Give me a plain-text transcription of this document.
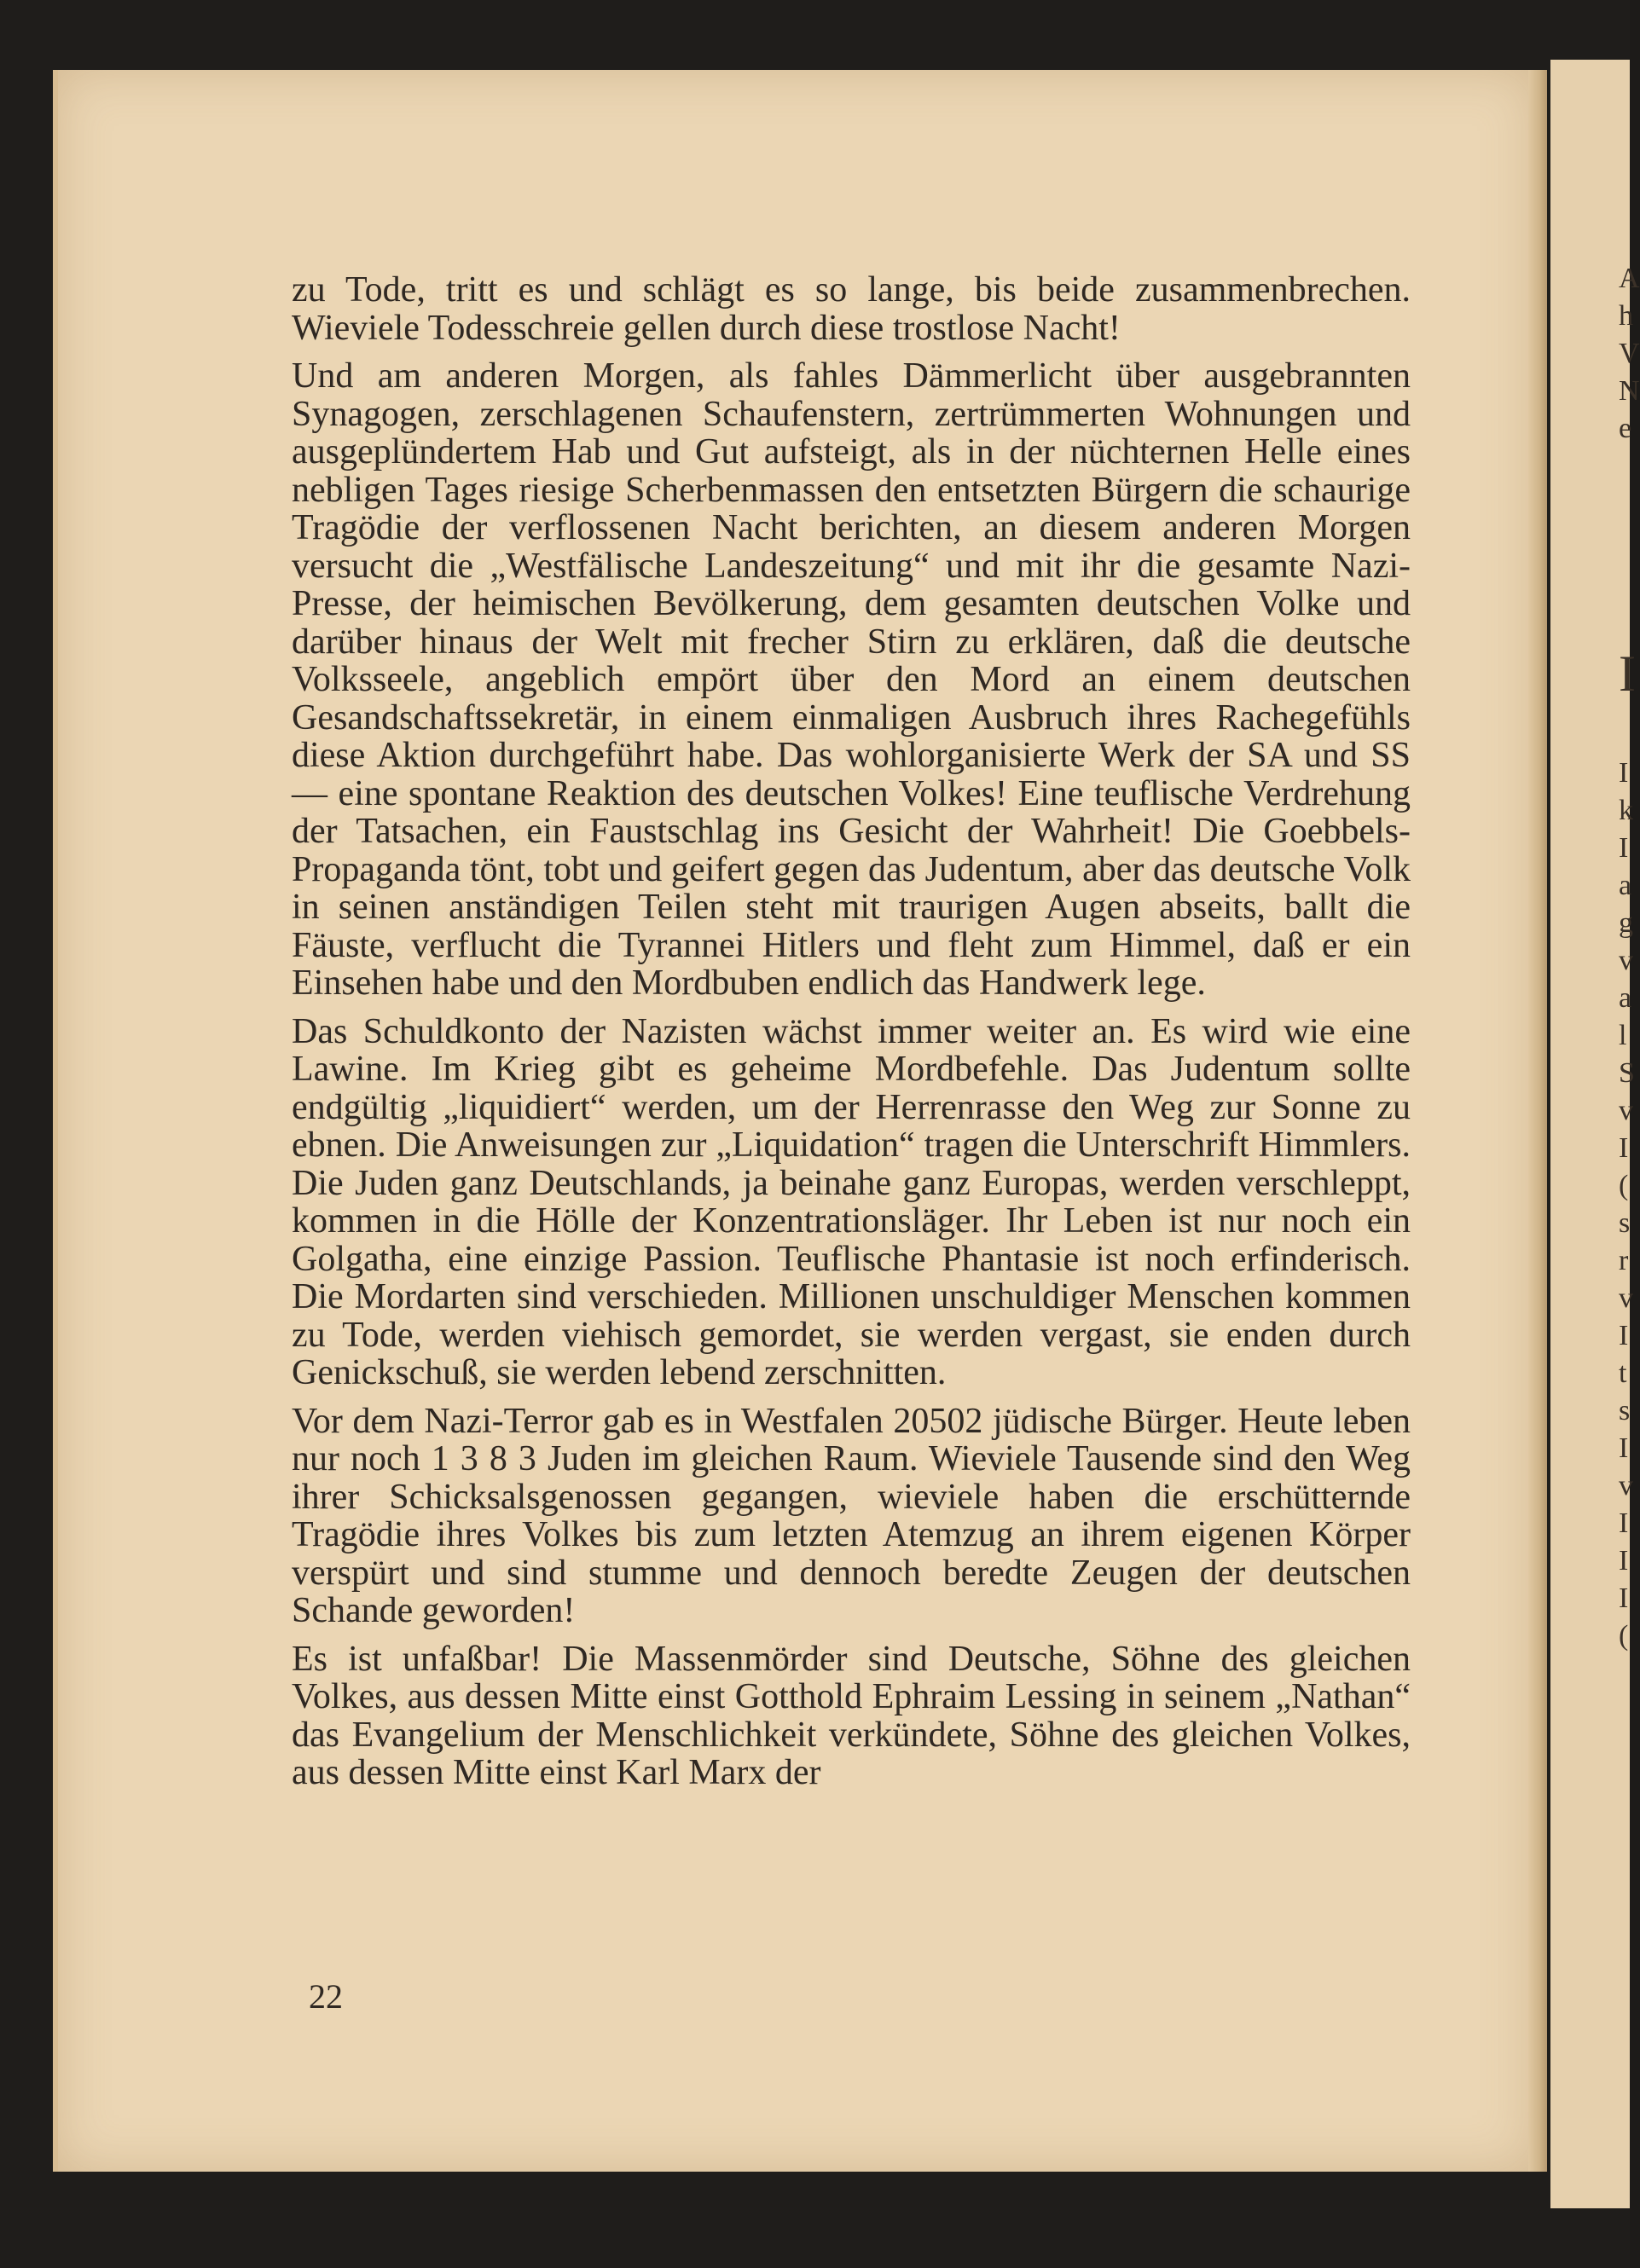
A
h
V
N
e
I
I
k
I
a
g
v
a
l
S
v
I
(
s
r
v
I
t
s
I
v
I
I
I
(

zu Tode, tritt es und schlägt es so lange, bis beide zusammenbrechen. Wieviele Todesschreie gellen durch diese trostlose Nacht!

Und am anderen Morgen, als fahles Dämmerlicht über ausgebrannten Synagogen, zerschlagenen Schaufenstern, zertrümmerten Wohnungen und ausgeplündertem Hab und Gut aufsteigt, als in der nüchternen Helle eines nebligen Tages riesige Scherbenmassen den entsetzten Bürgern die schaurige Tragödie der verflossenen Nacht berichten, an diesem anderen Morgen versucht die „Westfälische Landeszeitung“ und mit ihr die gesamte Nazi-Presse, der heimischen Bevölkerung, dem gesamten deutschen Volke und darüber hinaus der Welt mit frecher Stirn zu erklären, daß die deutsche Volksseele, angeblich empört über den Mord an einem deutschen Gesandschaftssekretär, in einem einmaligen Ausbruch ihres Rachegefühls diese Aktion durchgeführt habe. Das wohlorganisierte Werk der SA und SS — eine spontane Reaktion des deutschen Volkes! Eine teuflische Verdrehung der Tatsachen, ein Faustschlag ins Gesicht der Wahrheit! Die Goebbels-Propaganda tönt, tobt und geifert gegen das Judentum, aber das deutsche Volk in seinen anständigen Teilen steht mit traurigen Augen abseits, ballt die Fäuste, verflucht die Tyrannei Hitlers und fleht zum Himmel, daß er ein Einsehen habe und den Mordbuben endlich das Handwerk lege.

Das Schuldkonto der Nazisten wächst immer weiter an. Es wird wie eine Lawine. Im Krieg gibt es geheime Mordbefehle. Das Judentum sollte endgültig „liquidiert“ werden, um der Herrenrasse den Weg zur Sonne zu ebnen. Die Anweisungen zur „Liquidation“ tragen die Unterschrift Himmlers. Die Juden ganz Deutschlands, ja beinahe ganz Europas, werden verschleppt, kommen in die Hölle der Konzentrationsläger. Ihr Leben ist nur noch ein Golgatha, eine einzige Passion. Teuflische Phantasie ist noch erfinderisch. Die Mordarten sind verschieden. Millionen unschuldiger Menschen kommen zu Tode, werden viehisch gemordet, sie werden vergast, sie enden durch Genickschuß, sie werden lebend zerschnitten.

Vor dem Nazi-Terror gab es in Westfalen 20502 jüdische Bürger. Heute leben nur noch 1 3 8 3 Juden im gleichen Raum. Wieviele Tausende sind den Weg ihrer Schicksalsgenossen gegangen, wieviele haben die erschütternde Tragödie ihres Volkes bis zum letzten Atemzug an ihrem eigenen Körper verspürt und sind stumme und dennoch beredte Zeugen der deutschen Schande geworden!

Es ist unfaßbar! Die Massenmörder sind Deutsche, Söhne des gleichen Volkes, aus dessen Mitte einst Gotthold Ephraim Lessing in seinem „Nathan“ das Evangelium der Menschlichkeit verkündete, Söhne des gleichen Volkes, aus dessen Mitte einst Karl Marx der

22
